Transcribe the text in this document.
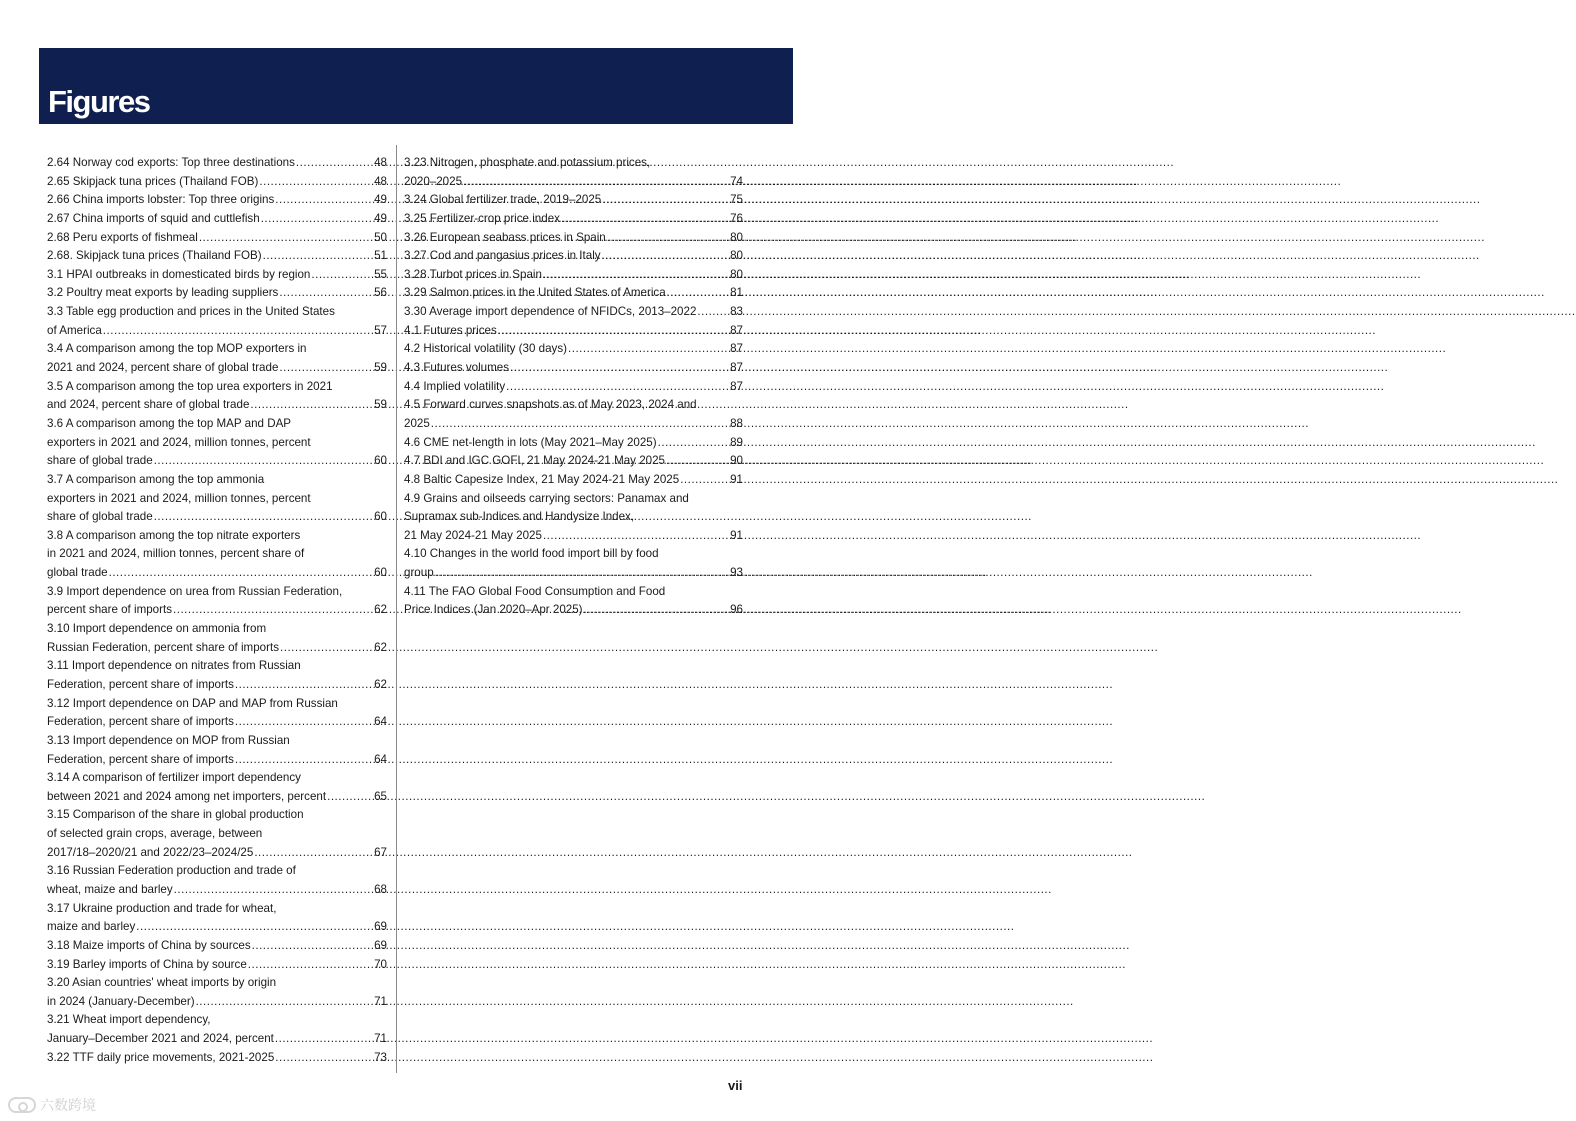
Figures
2.64 Norway cod exports: Top three destinations .....	48
2.65 Skipjack tuna prices (Thailand FOB) .....	48
2.66 China imports lobster: Top three origins .....	49
2.67 China imports of squid and cuttlefish .....	49
2.68 Peru exports of fishmeal .....	50
2.68. Skipjack tuna prices (Thailand FOB) .....	51
3.1 HPAI outbreaks in domesticated birds by region .....	55
3.2 Poultry meat exports by leading suppliers .....	56
3.3 Table egg production and prices in the United States
of America .....	57
3.4 A comparison among the top MOP exporters in
2021 and 2024, percent share of global trade .....	59
3.5 A comparison among the top urea exporters in 2021
and 2024, percent share of global trade .....	59
3.6 A comparison among the top MAP and DAP
exporters in 2021 and 2024, million tonnes, percent
share of global trade .....	60
3.7 A comparison among the top ammonia
exporters in 2021 and 2024, million tonnes, percent
share of global trade .....	60
3.8 A comparison among the top nitrate exporters
in 2021 and 2024, million tonnes, percent share of
global trade .....	60
3.9 Import dependence on urea from Russian Federation,
percent share of imports .....	62
3.10 Import dependence on ammonia from
Russian Federation, percent share of imports .....	62
3.11 Import dependence on nitrates from Russian
Federation, percent share of imports .....	62
3.12 Import dependence on DAP and MAP from Russian
Federation, percent share of imports .....	64
3.13 Import dependence on MOP from Russian
Federation, percent share of imports .....	64
3.14 A comparison of fertilizer import dependency
between 2021 and 2024 among net importers, percent .....	65
3.15 Comparison of the share in global production
of selected grain crops, average, between
2017/18–2020/21 and 2022/23–2024/25 .....	67
3.16 Russian Federation production and trade of
wheat, maize and barley .....	68
3.17 Ukraine production and trade for wheat,
maize and barley .....	69
3.18 Maize imports of China by sources .....	69
3.19 Barley imports of China by source .....	70
3.20 Asian countries' wheat imports by origin
in 2024 (January-December) .....	71
3.21 Wheat import dependency,
January–December 2021 and 2024, percent .....	71
3.22 TTF daily price movements, 2021-2025 .....	73
3.23 Nitrogen, phosphate and potassium prices,
2020–2025 .....	74
3.24 Global fertilizer trade, 2019–2025 .....	75
3.25 Fertilizer-crop price index .....	76
3.26 European seabass prices in Spain .....	80
3.27 Cod and pangasius prices in Italy .....	80
3.28 Turbot prices in Spain .....	80
3.29 Salmon prices in the United States of America .....	81
3.30 Average import dependence of NFIDCs, 2013–2022 .....	83
4.1 Futures prices .....	87
4.2 Historical volatility (30 days) .....	87
4.3 Futures volumes .....	87
4.4 Implied volatility .....	87
4.5 Forward curves snapshots as of May 2023, 2024 and
2025 .....	88
4.6 CME net-length in lots (May 2021–May 2025) .....	89
4.7 BDI and IGC GOFI, 21 May 2024-21 May 2025 .....	90
4.8 Baltic Capesize Index, 21 May 2024-21 May 2025 .....	91
4.9 Grains and oilseeds carrying sectors: Panamax and
Supramax sub-Indices and Handysize Index,
21 May 2024-21 May 2025 .....	91
4.10 Changes in the world food import bill by food
group .....	93
4.11 The FAO Global Food Consumption and Food
Price Indices (Jan 2020–Apr 2025) .....	96
vii
六数跨境
